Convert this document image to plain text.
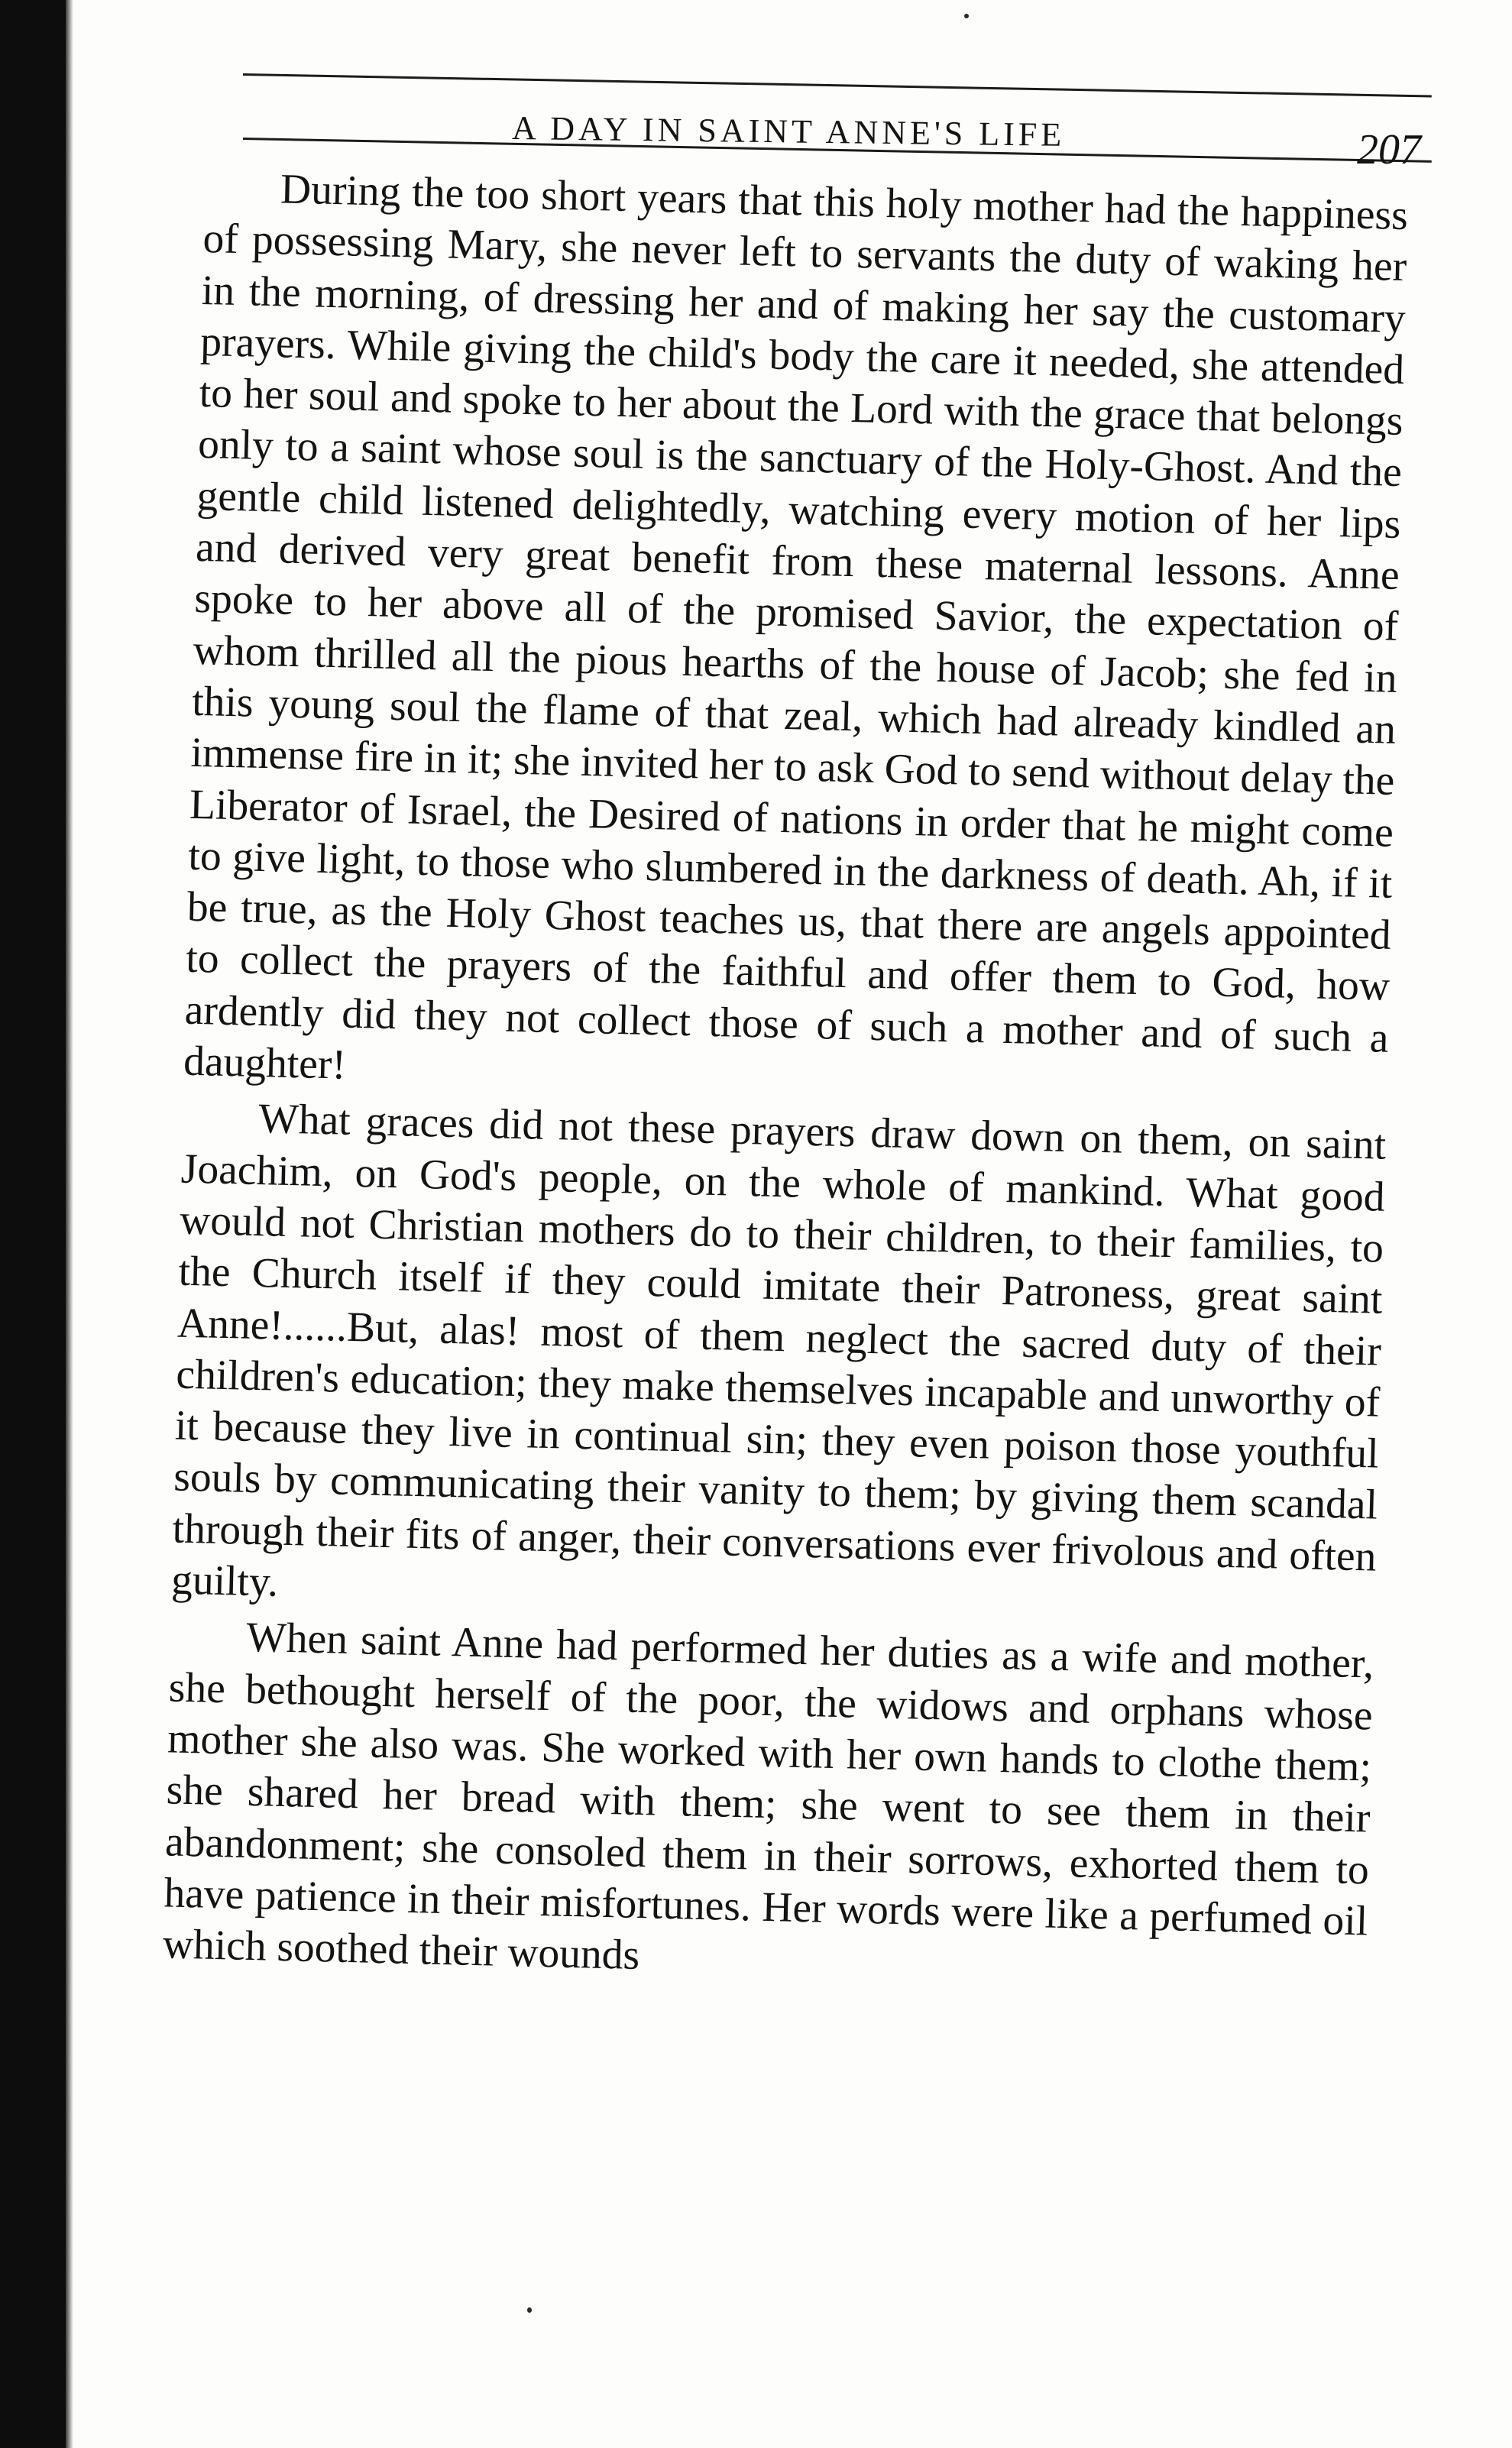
A DAY IN SAINT ANNE'S LIFE	207

During the too short years that this holy mother had the happiness of possessing Mary, she never left to servants the duty of waking her in the morning, of dressing her and of making her say the customary prayers. While giving the child's body the care it needed, she attended to her soul and spoke to her about the Lord with the grace that belongs only to a saint whose soul is the sanctuary of the Holy-Ghost. And the gentle child listened delightedly, watching every motion of her lips and derived very great benefit from these maternal lessons. Anne spoke to her above all of the promised Savior, the expectation of whom thrilled all the pious hearths of the house of Jacob; she fed in this young soul the flame of that zeal, which had already kindled an immense fire in it; she invited her to ask God to send without delay the Liberator of Israel, the Desired of nations in order that he might come to give light, to those who slumbered in the darkness of death. Ah, if it be true, as the Holy Ghost teaches us, that there are angels appointed to collect the prayers of the faithful and offer them to God, how ardently did they not collect those of such a mother and of such a daughter!

What graces did not these prayers draw down on them, on saint Joachim, on God's people, on the whole of mankind. What good would not Christian mothers do to their children, to their families, to the Church itself if they could imitate their Patroness, great saint Anne!......But, alas! most of them neglect the sacred duty of their children's education; they make themselves incapable and unworthy of it because they live in continual sin; they even poison those youthful souls by communicating their vanity to them; by giving them scandal through their fits of anger, their conversations ever frivolous and often guilty.

When saint Anne had performed her duties as a wife and mother, she bethought herself of the poor, the widows and orphans whose mother she also was. She worked with her own hands to clothe them; she shared her bread with them; she went to see them in their abandonment; she consoled them in their sorrows, exhorted them to have patience in their misfortunes. Her words were like a perfumed oil which soothed their wounds
